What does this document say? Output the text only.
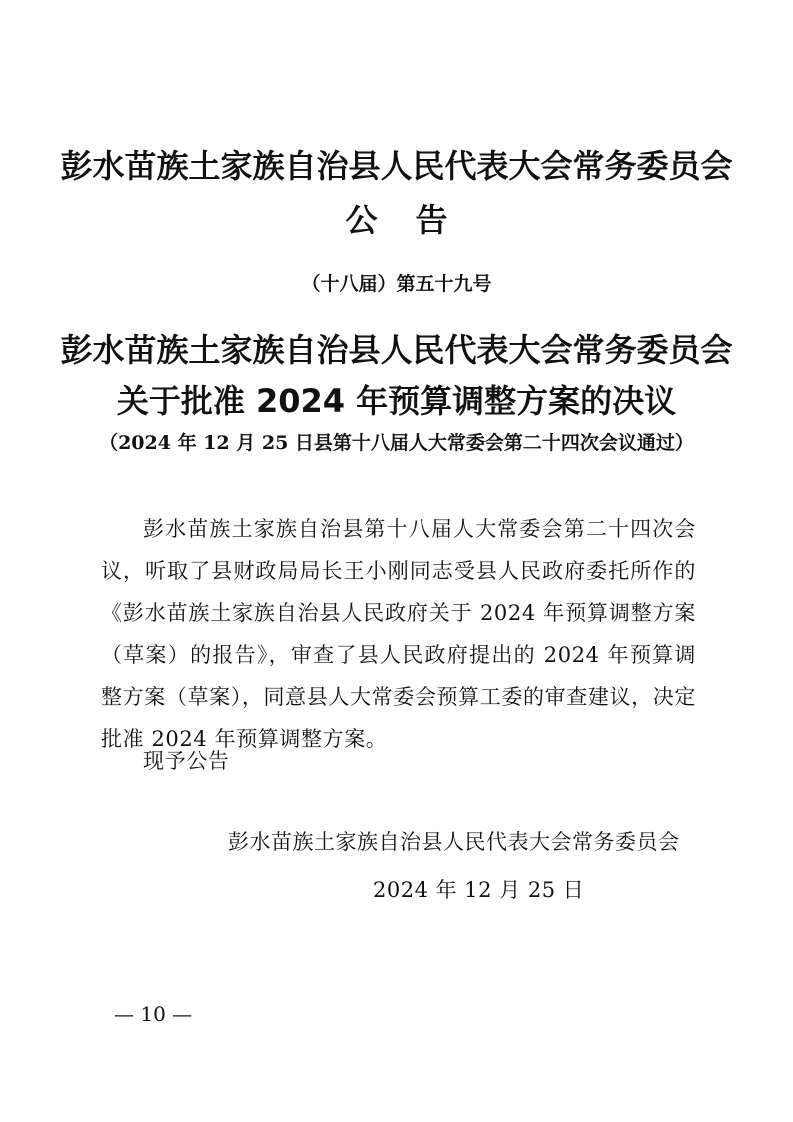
彭水苗族土家族自治县人民代表大会常务委员会
公告
（十八届）第五十九号
彭水苗族土家族自治县人民代表大会常务委员会
关于批准 2024 年预算调整方案的决议
（2024 年 12 月 25 日县第十八届人大常委会第二十四次会议通过）

彭水苗族土家族自治县第十八届人大常委会第二十四次会议，听取了县财政局局长王小刚同志受县人民政府委托所作的《彭水苗族土家族自治县人民政府关于 2024 年预算调整方案（草案）的报告》，审查了县人民政府提出的 2024 年预算调整方案（草案），同意县人大常委会预算工委的审查建议，决定批准 2024 年预算调整方案。

现予公告
彭水苗族土家族自治县人民代表大会常务委员会
2024 年 12 月 25 日
— 10 —
